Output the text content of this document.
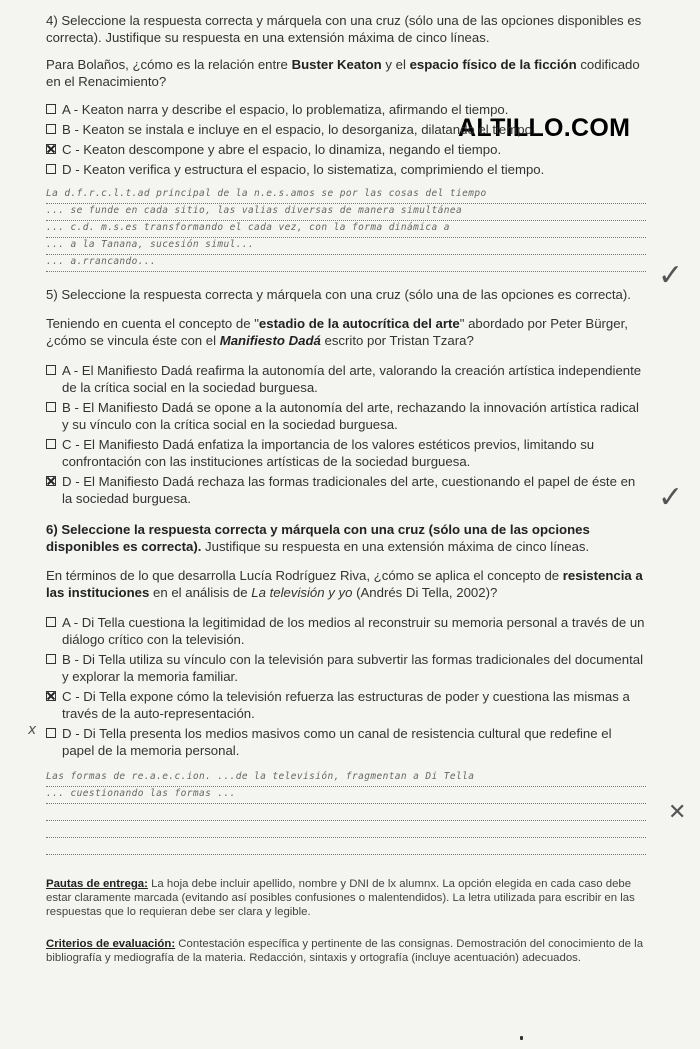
ALTILLO.COM

4) Seleccione la respuesta correcta y márquela con una cruz (sólo una de las opciones disponibles es correcta). Justifique su respuesta en una extensión máxima de cinco líneas.

Para Bolaños, ¿cómo es la relación entre Buster Keaton y el espacio físico de la ficción codificado en el Renacimiento?

A - Keaton narra y describe el espacio, lo problematiza, afirmando el tiempo.
B - Keaton se instala e incluye en el espacio, lo desorganiza, dilatando el tiempo.
C - Keaton descompone y abre el espacio, lo dinamiza, negando el tiempo.
D - Keaton verifica y estructura el espacio, lo sistematiza, comprimiendo el tiempo.
La d.f.r.c.l.t.ad principal de la n.e.s.amos se por las cosas del tiempo
... se funde en cada sitio, las valias diversas de manera simultánea
... c.d. m.s.es transformando el cada vez, con la forma dinámica a
... a la Tanana, sucesión simul...
... a.rrancando...

5) Seleccione la respuesta correcta y márquela con una cruz (sólo una de las opciones es correcta).

Teniendo en cuenta el concepto de "estadio de la autocrítica del arte" abordado por Peter Bürger, ¿cómo se vincula éste con el Manifiesto Dadá escrito por Tristan Tzara?

A - El Manifiesto Dadá reafirma la autonomía del arte, valorando la creación artística independiente de la crítica social en la sociedad burguesa.
B - El Manifiesto Dadá se opone a la autonomía del arte, rechazando la innovación artística radical y su vínculo con la crítica social en la sociedad burguesa.
C - El Manifiesto Dadá enfatiza la importancia de los valores estéticos previos, limitando su confrontación con las instituciones artísticas de la sociedad burguesa.
D - El Manifiesto Dadá rechaza las formas tradicionales del arte, cuestionando el papel de éste en la sociedad burguesa.

6) Seleccione la respuesta correcta y márquela con una cruz (sólo una de las opciones disponibles es correcta). Justifique su respuesta en una extensión máxima de cinco líneas.

En términos de lo que desarrolla Lucía Rodríguez Riva, ¿cómo se aplica el concepto de resistencia a las instituciones en el análisis de La televisión y yo (Andrés Di Tella, 2002)?

A - Di Tella cuestiona la legitimidad de los medios al reconstruir su memoria personal a través de un diálogo crítico con la televisión.
B - Di Tella utiliza su vínculo con la televisión para subvertir las formas tradicionales del documental y explorar la memoria familiar.
C - Di Tella expone cómo la televisión refuerza las estructuras de poder y cuestiona las mismas a través de la auto-representación.
D - Di Tella presenta los medios masivos como un canal de resistencia cultural que redefine el papel de la memoria personal.
Las formas de re.a.e.c.ion. ...de la televisión, fragmentan a Di Tella
... cuestionando las formas ...

Pautas de entrega: La hoja debe incluir apellido, nombre y DNI de lx alumnx. La opción elegida en cada caso debe estar claramente marcada (evitando así posibles confusiones o malentendidos). La letra utilizada para escribir en las respuestas que lo requieran debe ser clara y legible.

Criterios de evaluación: Contestación específica y pertinente de las consignas. Demostración del conocimiento de la bibliografía y mediografía de la materia. Redacción, sintaxis y ortografía (incluye acentuación) adecuados.

✓
✓
✕
x
